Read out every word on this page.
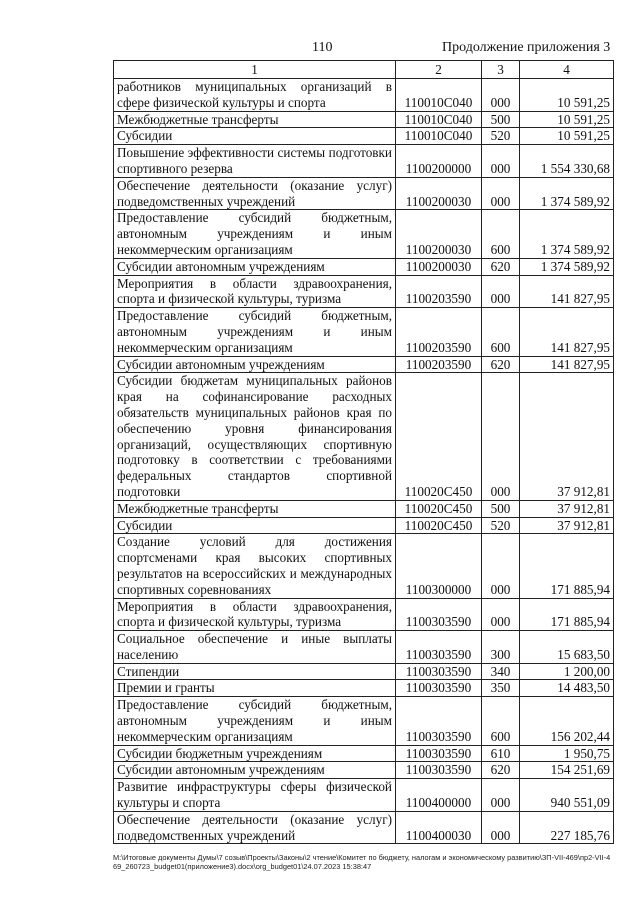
110	Продолжение приложения 3
1	2	3	4
работников муниципальных организаций в сфере физической культуры и спорта	110010С040	000	10 591,25
Межбюджетные трансферты	110010С040	500	10 591,25
Субсидии	110010С040	520	10 591,25
Повышение эффективности системы подготовки спортивного резерва	1100200000	000	1 554 330,68
Обеспечение деятельности (оказание услуг) подведомственных учреждений	1100200030	000	1 374 589,92
Предоставление субсидий бюджетным, автономным учреждениям и иным некоммерческим организациям	1100200030	600	1 374 589,92
Субсидии автономным учреждениям	1100200030	620	1 374 589,92
Мероприятия в области здравоохранения, спорта и физической культуры, туризма	1100203590	000	141 827,95
Предоставление субсидий бюджетным, автономным учреждениям и иным некоммерческим организациям	1100203590	600	141 827,95
Субсидии автономным учреждениям	1100203590	620	141 827,95
Субсидии бюджетам муниципальных районов края на софинансирование расходных обязательств муниципальных районов края по обеспечению уровня финансирования организаций, осуществляющих спортивную подготовку в соответствии с требованиями федеральных стандартов спортивной подготовки	110020С450	000	37 912,81
Межбюджетные трансферты	110020С450	500	37 912,81
Субсидии	110020С450	520	37 912,81
Создание условий для достижения спортсменами края высоких спортивных результатов на всероссийских и международных спортивных соревнованиях	1100300000	000	171 885,94
Мероприятия в области здравоохранения, спорта и физической культуры, туризма	1100303590	000	171 885,94
Социальное обеспечение и иные выплаты населению	1100303590	300	15 683,50
Стипендии	1100303590	340	1 200,00
Премии и гранты	1100303590	350	14 483,50
Предоставление субсидий бюджетным, автономным учреждениям и иным некоммерческим организациям	1100303590	600	156 202,44
Субсидии бюджетным учреждениям	1100303590	610	1 950,75
Субсидии автономным учреждениям	1100303590	620	154 251,69
Развитие инфраструктуры сферы физической культуры и спорта	1100400000	000	940 551,09
Обеспечение деятельности (оказание услуг) подведомственных учреждений	1100400030	000	227 185,76
M:\Итоговые документы Думы\7 созыв\Проекты\Законы\2 чтение\Комитет по бюджету, налогам и экономическому развитию\ЗП-VII-469\пр2-VII-469_260723_budget01(приложение3).docx\org_budget01\24.07.2023 15:38:47
